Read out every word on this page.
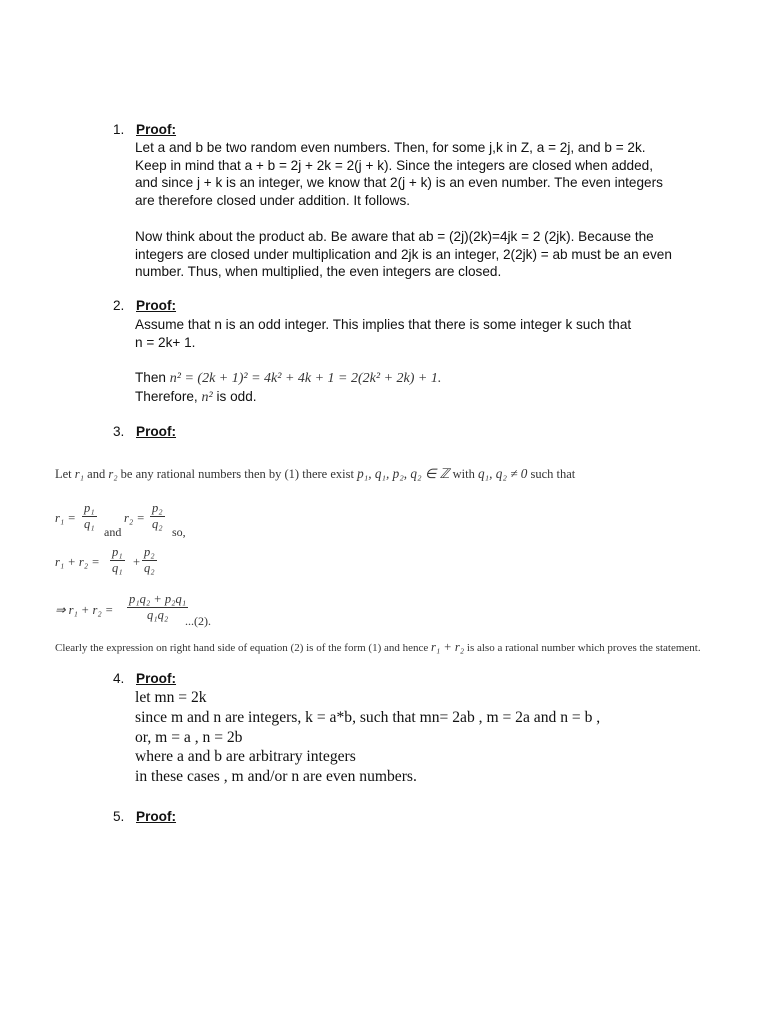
1. Proof:
Let a and b be two random even numbers. Then, for some j,k in Z, a = 2j, and b = 2k.
Keep in mind that a + b = 2j + 2k = 2(j + k). Since the integers are closed when added,
and since j + k is an integer, we know that 2(j + k) is an even number. The even integers
are therefore closed under addition. It follows.
Now think about the product ab. Be aware that ab = (2j)(2k)=4jk = 2 (2jk). Because the
integers are closed under multiplication and 2jk is an integer, 2(2jk) = ab must be an even
number. Thus, when multiplied, the even integers are closed.
2. Proof:
Assume that n is an odd integer. This implies that there is some integer k such that
n = 2k+ 1.
Then n² = (2k + 1)² = 4k² + 4k + 1 = 2(2k² + 2k) + 1.
Therefore, n² is odd.
3. Proof:
Let r₁ and r₂ be any rational numbers then by (1) there exist p₁, q₁, p₂, q₂ ∈ ℤ with q₁, q₂ ≠ 0 such that
$r_1 = \frac{\text{p₁}}{\text{q₁}}$ and
$r_2 = \frac{\text{p₂}}{\text{q₂}}$ so,
$r_1 + r_2 = \frac{\text{p₁}}{\text{q₁}} + \frac{\text{p₂}}{\text{q₂}}$
⇒ $r_1 + r_2 = \frac{\text{p₁q₂ + p₂q₁}}{\text{q₁q₂}}$
...(2).
Clearly the expression on right hand side of equation (2) is of the form (1) and hence r₁ + r₂ is also a rational number which proves the statement.
4. Proof:
let mn = 2k
since m and n are integers, k = a*b, such that mn= 2ab , m = 2a and n = b ,
or, m = a , n = 2b
where a and b are arbitrary integers
in these cases , m and/or n are even numbers.
5. Proof:
